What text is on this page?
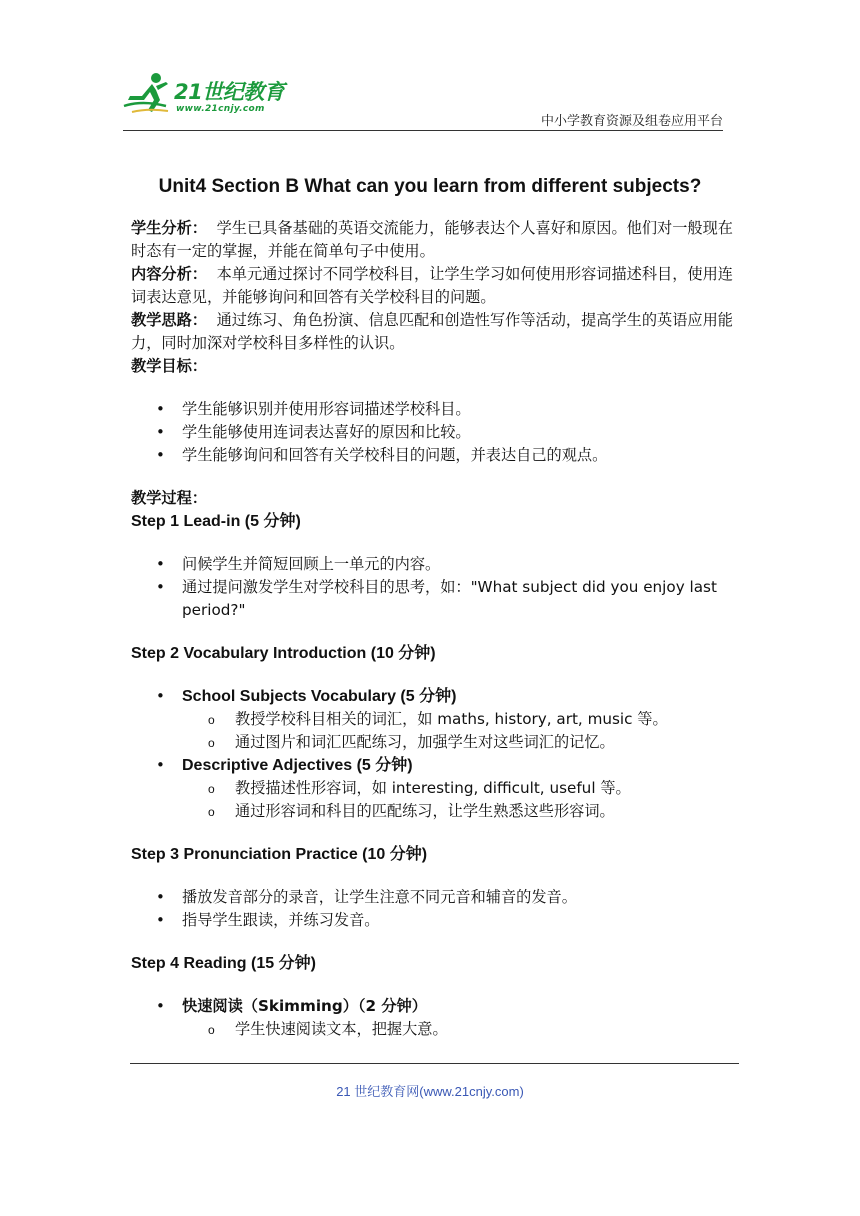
21世纪教育
www.21cnjy.com
中小学教育资源及组卷应用平台
Unit4 Section B What can you learn from different subjects?

学生分析： 学生已具备基础的英语交流能力，能够表达个人喜好和原因。他们对一般现在时态有一定的掌握，并能在简单句子中使用。

内容分析： 本单元通过探讨不同学校科目，让学生学习如何使用形容词描述科目，使用连词表达意见，并能够询问和回答有关学校科目的问题。

教学思路： 通过练习、角色扮演、信息匹配和创造性写作等活动，提高学生的英语应用能力，同时加深对学校科目多样性的认识。

教学目标：

• 学生能够识别并使用形容词描述学校科目。
• 学生能够使用连词表达喜好的原因和比较。
• 学生能够询问和回答有关学校科目的问题，并表达自己的观点。

教学过程：

Step 1 Lead-in (5 分钟)

• 问候学生并简短回顾上一单元的内容。
• 通过提问激发学生对学校科目的思考，如："What subject did you enjoy last period?"

Step 2 Vocabulary Introduction (10 分钟)

• School Subjects Vocabulary (5 分钟)
o 教授学校科目相关的词汇，如 maths, history, art, music 等。
o 通过图片和词汇匹配练习，加强学生对这些词汇的记忆。
• Descriptive Adjectives (5 分钟)
o 教授描述性形容词，如 interesting, difficult, useful 等。
o 通过形容词和科目的匹配练习，让学生熟悉这些形容词。

Step 3 Pronunciation Practice (10 分钟)

• 播放发音部分的录音，让学生注意不同元音和辅音的发音。
• 指导学生跟读，并练习发音。

Step 4 Reading (15 分钟)

• 快速阅读（Skimming）（2 分钟）
o 学生快速阅读文本，把握大意。
21 世纪教育网(www.21cnjy.com)
